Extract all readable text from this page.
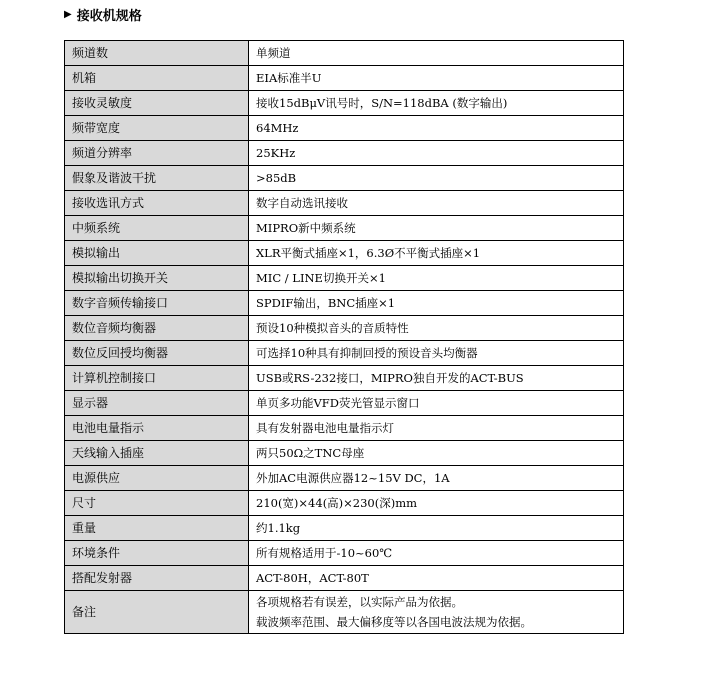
▶ 接收机规格
频道数	单频道

机箱	EIA标准半U

接收灵敏度	接收15dBμV讯号时，S/N=118dBA (数字输出)

频带宽度	64MHz

频道分辨率	25KHz

假象及谐波干扰	>85dB

接收选讯方式	数字自动选讯接收

中频系统	MIPRO新中频系统

模拟输出	XLR平衡式插座×1，6.3Ø不平衡式插座×1

模拟输出切换开关	MIC / LINE切换开关×1

数字音频传输接口	SPDIF输出，BNC插座×1

数位音频均衡器	预设10种模拟音头的音质特性

数位反回授均衡器	可选择10种具有抑制回授的预设音头均衡器

计算机控制接口	USB或RS-232接口，MIPRO独自开发的ACT-BUS

显示器	单页多功能VFD荧光管显示窗口

电池电量指示	具有发射器电池电量指示灯

天线输入插座	两只50Ω之TNC母座

电源供应	外加AC电源供应器12~15V DC，1A

尺寸	210(宽)×44(高)×230(深)mm

重量	约1.1kg

环境条件	所有规格适用于-10~60℃

搭配发射器	ACT-80H，ACT-80T

备注	各项规格若有误差，以实际产品为依据。
载波频率范围、最大偏移度等以各国电波法规为依据。
